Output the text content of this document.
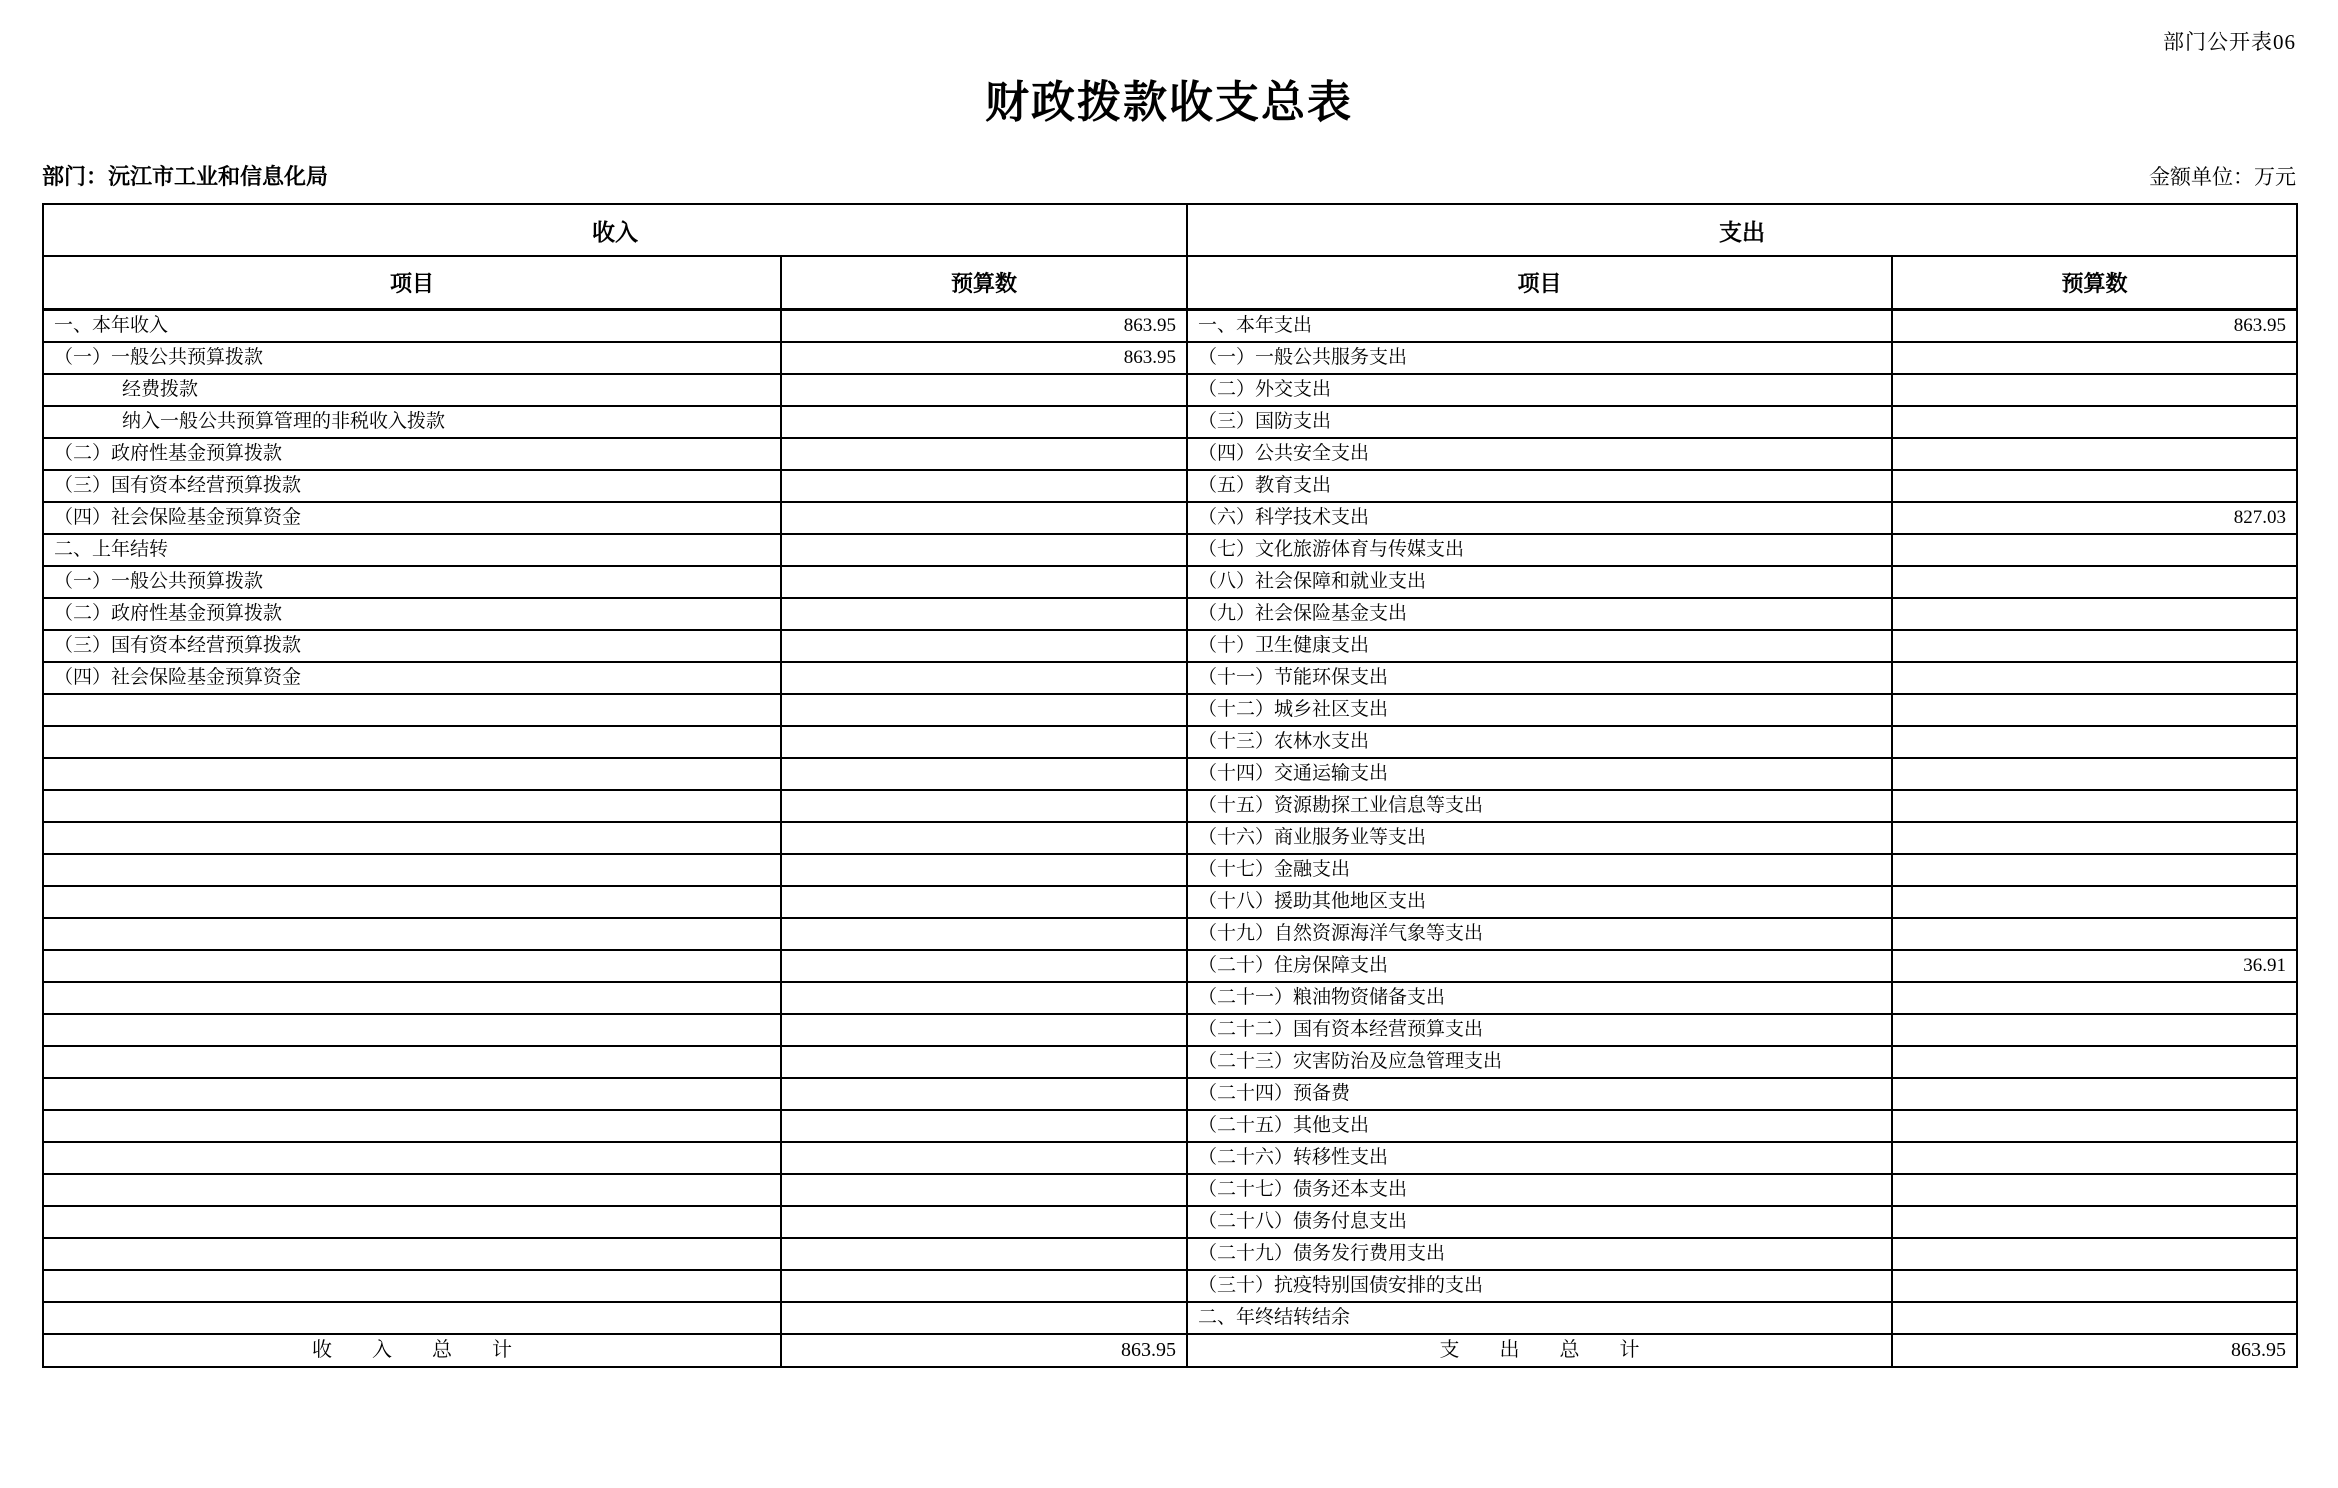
部门公开表06
财政拨款收支总表
部门：沅江市工业和信息化局	金额单位：万元
收入		支出	
项目	预算数	项目	预算数
一、本年收入	863.95	一、本年支出	863.95
（一）一般公共预算拨款	863.95	（一）一般公共服务支出	
经费拨款		（二）外交支出	
纳入一般公共预算管理的非税收入拨款		（三）国防支出	
（二）政府性基金预算拨款		（四）公共安全支出	
（三）国有资本经营预算拨款		（五）教育支出	
（四）社会保险基金预算资金		（六）科学技术支出	827.03
二、上年结转		（七）文化旅游体育与传媒支出	
（一）一般公共预算拨款		（八）社会保障和就业支出	
（二）政府性基金预算拨款		（九）社会保险基金支出	
（三）国有资本经营预算拨款		（十）卫生健康支出	
（四）社会保险基金预算资金		（十一）节能环保支出	
		（十二）城乡社区支出	
		（十三）农林水支出	
		（十四）交通运输支出	
		（十五）资源勘探工业信息等支出	
		（十六）商业服务业等支出	
		（十七）金融支出	
		（十八）援助其他地区支出	
		（十九）自然资源海洋气象等支出	
		（二十）住房保障支出	36.91
		（二十一）粮油物资储备支出	
		（二十二）国有资本经营预算支出	
		（二十三）灾害防治及应急管理支出	
		（二十四）预备费	
		（二十五）其他支出	
		（二十六）转移性支出	
		（二十七）债务还本支出	
		（二十八）债务付息支出	
		（二十九）债务发行费用支出	
		（三十）抗疫特别国债安排的支出	
		二、年终结转结余	
收　　入　　总　　计	863.95	支　　出　　总　　计	863.95
